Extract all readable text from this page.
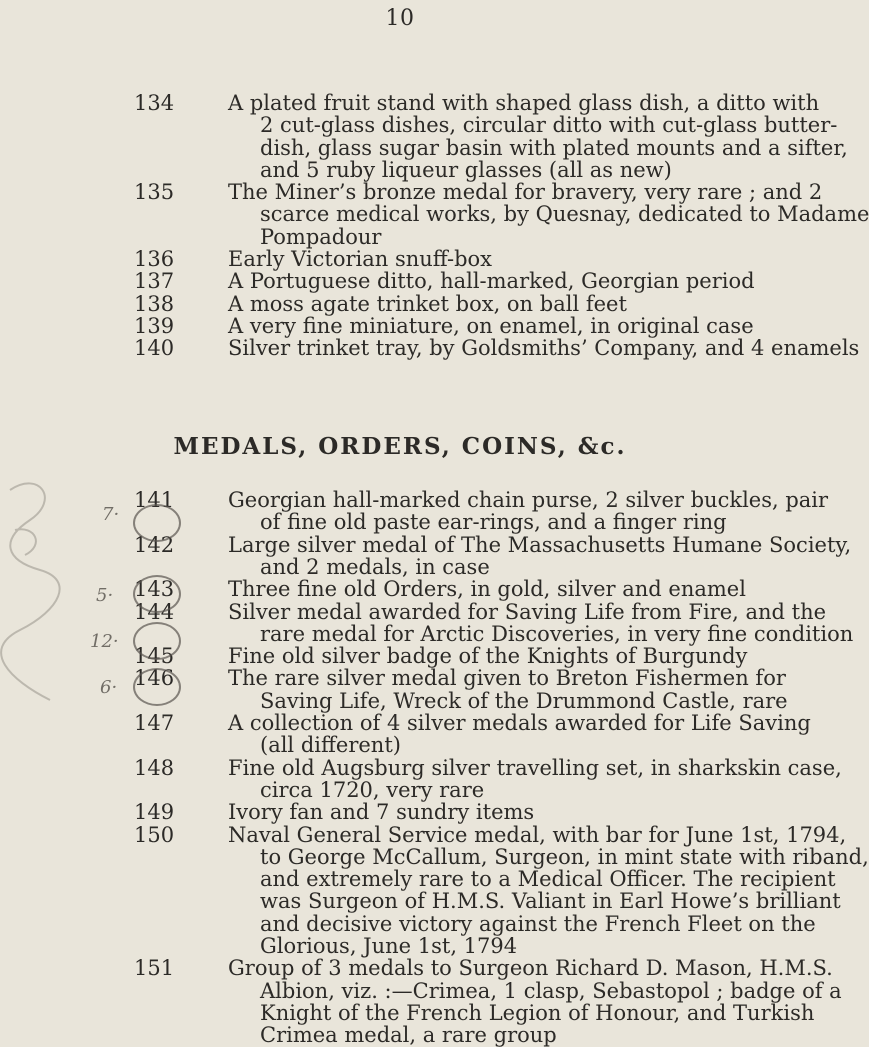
10
134	A plated fruit stand with shaped glass dish, a ditto with
2 cut-glass dishes, circular ditto with cut-glass butter-
dish, glass sugar basin with plated mounts and a sifter,
and 5 ruby liqueur glasses (all as new)
135	The Miner’s bronze medal for bravery, very rare ; and 2
scarce medical works, by Quesnay, dedicated to Madame
Pompadour
136	Early Victorian snuff-box
137	A Portuguese ditto, hall-marked, Georgian period
138	A moss agate trinket box, on ball feet
139	A very fine miniature, on enamel, in original case
140	Silver trinket tray, by Goldsmiths’ Company, and 4 enamels
MEDALS, ORDERS, COINS, &c.
141	Georgian hall-marked chain purse, 2 silver buckles, pair
of fine old paste ear-rings, and a finger ring
142	Large silver medal of The Massachusetts Humane Society,
and 2 medals, in case
143	Three fine old Orders, in gold, silver and enamel
144	Silver medal awarded for Saving Life from Fire, and the
rare medal for Arctic Discoveries, in very fine condition
145	Fine old silver badge of the Knights of Burgundy
146	The rare silver medal given to Breton Fishermen for
Saving Life, Wreck of the Drummond Castle, rare
147	A collection of 4 silver medals awarded for Life Saving
(all different)
148	Fine old Augsburg silver travelling set, in sharkskin case,
circa 1720, very rare
149	Ivory fan and 7 sundry items
150	Naval General Service medal, with bar for June 1st, 1794,
to George McCallum, Surgeon, in mint state with riband,
and extremely rare to a Medical Officer. The recipient
was Surgeon of H.M.S. Valiant in Earl Howe’s brilliant
and decisive victory against the French Fleet on the
Glorious, June 1st, 1794
151	Group of 3 medals to Surgeon Richard D. Mason, H.M.S.
Albion, viz. :—Crimea, 1 clasp, Sebastopol ; badge of a
Knight of the French Legion of Honour, and Turkish
Crimea medal, a rare group
7·
5·
12·
6·
